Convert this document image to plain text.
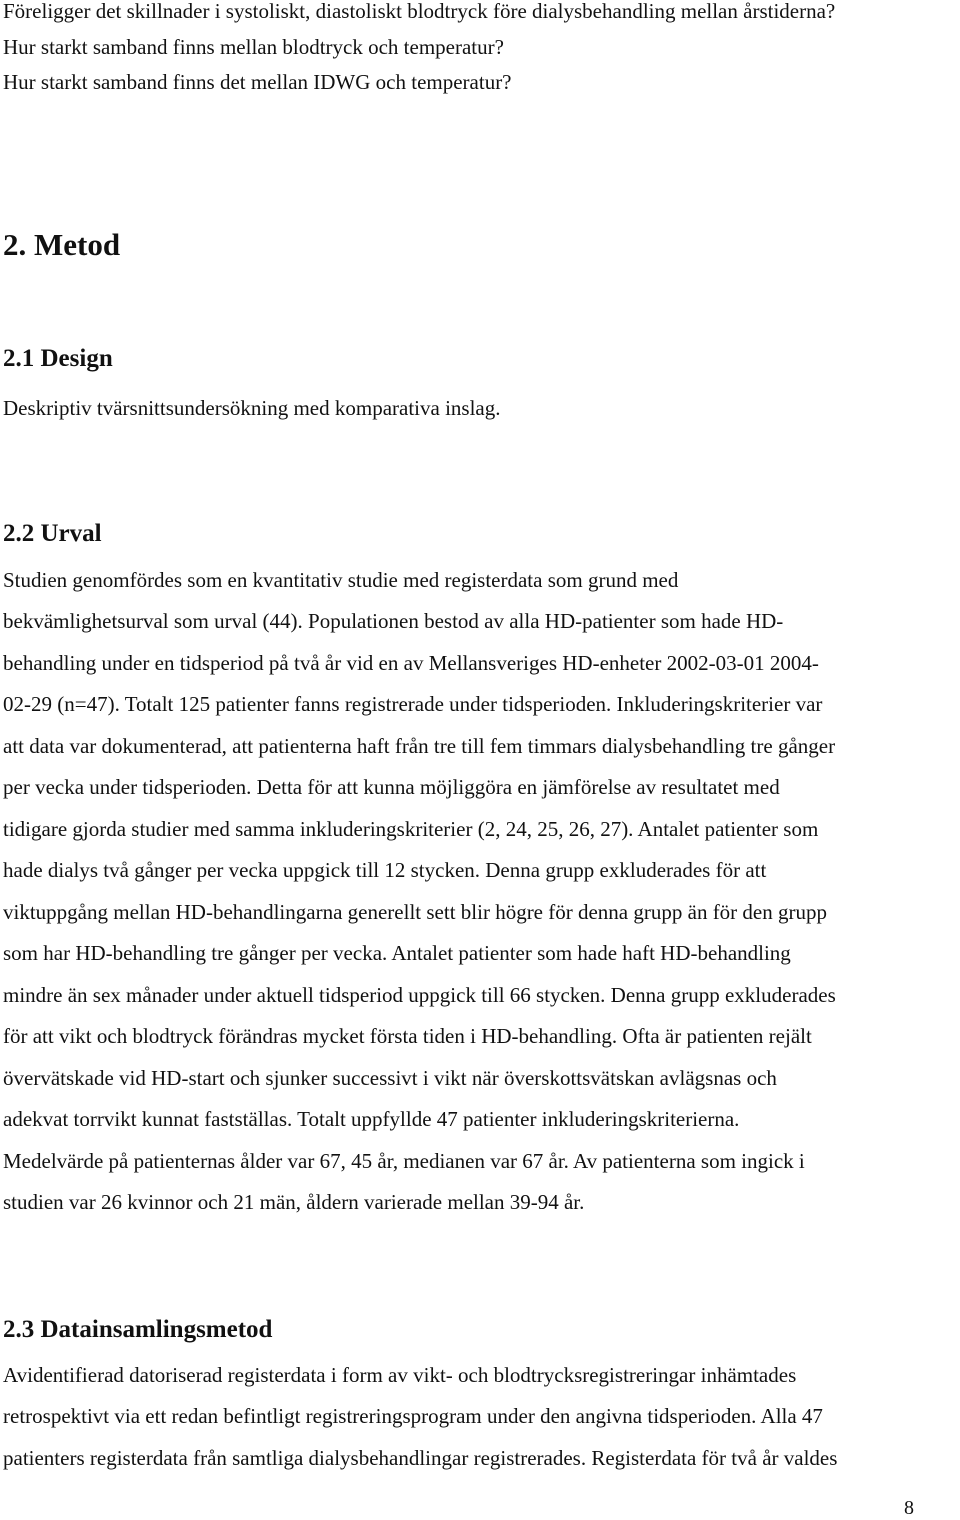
Föreligger det skillnader i systoliskt, diastoliskt blodtryck före dialysbehandling mellan årstiderna?
Hur starkt samband finns mellan blodtryck och temperatur?
Hur starkt samband finns det mellan IDWG och temperatur?
2. Metod
2.1 Design
Deskriptiv tvärsnittsundersökning med komparativa inslag.
2.2 Urval
Studien genomfördes som en kvantitativ studie med registerdata som grund med
bekvämlighetsurval som urval (44). Populationen bestod av alla HD-patienter som hade HD-
behandling under en tidsperiod på två år vid en av Mellansveriges HD-enheter 2002-03-01 2004-
02-29 (n=47). Totalt 125 patienter fanns registrerade under tidsperioden. Inkluderingskriterier var
att data var dokumenterad, att patienterna haft från tre till fem timmars dialysbehandling tre gånger
per vecka under tidsperioden. Detta för att kunna möjliggöra en jämförelse av resultatet med
tidigare gjorda studier med samma inkluderingskriterier (2, 24, 25, 26, 27). Antalet patienter som
hade dialys två gånger per vecka uppgick till 12 stycken. Denna grupp exkluderades för att
viktuppgång mellan HD-behandlingarna generellt sett blir högre för denna grupp än för den grupp
som har HD-behandling tre gånger per vecka. Antalet patienter som hade haft HD-behandling
mindre än sex månader under aktuell tidsperiod uppgick till 66 stycken. Denna grupp exkluderades
för att vikt och blodtryck förändras mycket första tiden i HD-behandling. Ofta är patienten rejält
övervätskade vid HD-start och sjunker successivt i vikt när överskottsvätskan avlägsnas och
adekvat torrvikt kunnat fastställas. Totalt uppfyllde 47 patienter inkluderingskriterierna.
Medelvärde på patienternas ålder var 67, 45 år, medianen var 67 år. Av patienterna som ingick i
studien var 26 kvinnor och 21 män, åldern varierade mellan 39-94 år.
2.3 Datainsamlingsmetod
Avidentifierad datoriserad registerdata i form av vikt- och blodtrycksregistreringar inhämtades
retrospektivt via ett redan befintligt registreringsprogram under den angivna tidsperioden. Alla 47
patienters registerdata från samtliga dialysbehandlingar registrerades. Registerdata för två år valdes
8
